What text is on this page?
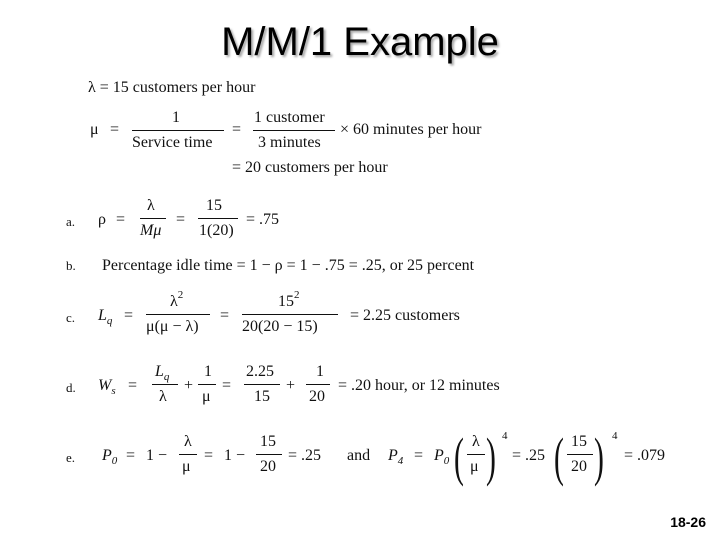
M/M/1 Example
λ = 15 customers per hour
μ =
1
Service time
=
1 customer
3 minutes
× 60 minutes per hour
= 20 customers per hour
a. ρ =
λ
Mμ
=
15
1(20)
= .75
b. Percentage idle time = 1 − ρ = 1 − .75 = .25, or 25 percent
c. $L_q$ =
$\lambda^2$
μ(μ − λ)
=
$15^2$
20(20 − 15)
= 2.25 customers
d. $W_s$ =
$L_q$
λ
+
1
μ
=
2.25
15
+
1
20
= .20 hour, or 12 minutes
e. $P_0 = 1$ −
λ
μ
= 1 −
15
20
= .25 and $P_4 = P_0$ ( λ
μ ) 4
= .25 ( 15
20 ) 4
= .079
18-26
